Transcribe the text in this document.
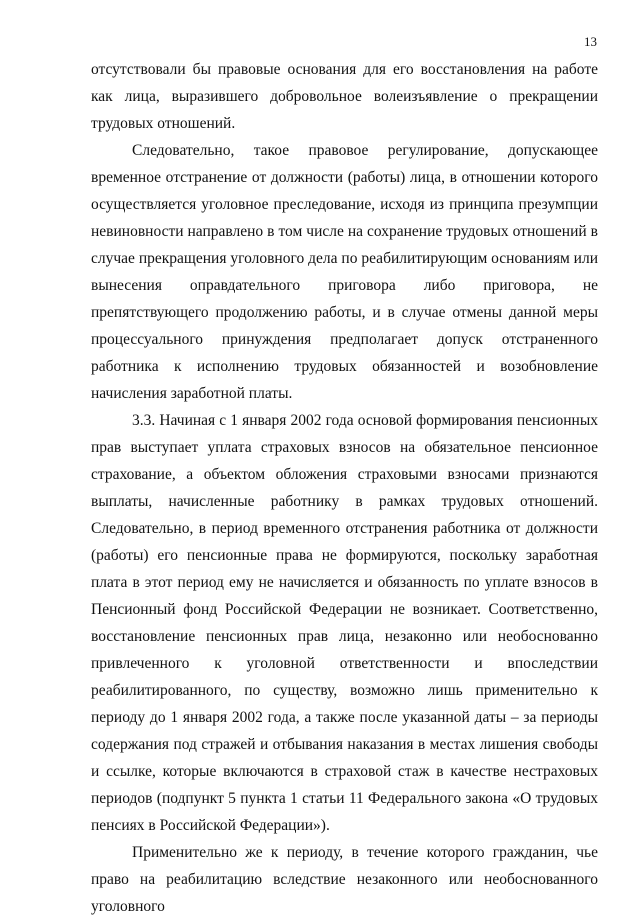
13

отсутствовали бы правовые основания для его восстановления на работе как лица, выразившего добровольное волеизъявление о прекращении трудовых отношений.

Следовательно, такое правовое регулирование, допускающее временное отстранение от должности (работы) лица, в отношении которого осуществляется уголовное преследование, исходя из принципа презумпции невиновности направлено в том числе на сохранение трудовых отношений в случае прекращения уголовного дела по реабилитирующим основаниям или вынесения оправдательного приговора либо приговора, не препятствующего продолжению работы, и в случае отмены данной меры процессуального принуждения предполагает допуск отстраненного работника к исполнению трудовых обязанностей и возобновление начисления заработной платы.

3.3. Начиная с 1 января 2002 года основой формирования пенсионных прав выступает уплата страховых взносов на обязательное пенсионное страхование, а объектом обложения страховыми взносами признаются выплаты, начисленные работнику в рамках трудовых отношений. Следовательно, в период временного отстранения работника от должности (работы) его пенсионные права не формируются, поскольку заработная плата в этот период ему не начисляется и обязанность по уплате взносов в Пенсионный фонд Российской Федерации не возникает. Соответственно, восстановление пенсионных прав лица, незаконно или необоснованно привлеченного к уголовной ответственности и впоследствии реабилитированного, по существу, возможно лишь применительно к периоду до 1 января 2002 года, а также после указанной даты – за периоды содержания под стражей и отбывания наказания в местах лишения свободы и ссылке, которые включаются в страховой стаж в качестве нестраховых периодов (подпункт 5 пункта 1 статьи 11 Федерального закона «О трудовых пенсиях в Российской Федерации»).

Применительно же к периоду, в течение которого гражданин, чье право на реабилитацию вследствие незаконного или необоснованного уголовного
